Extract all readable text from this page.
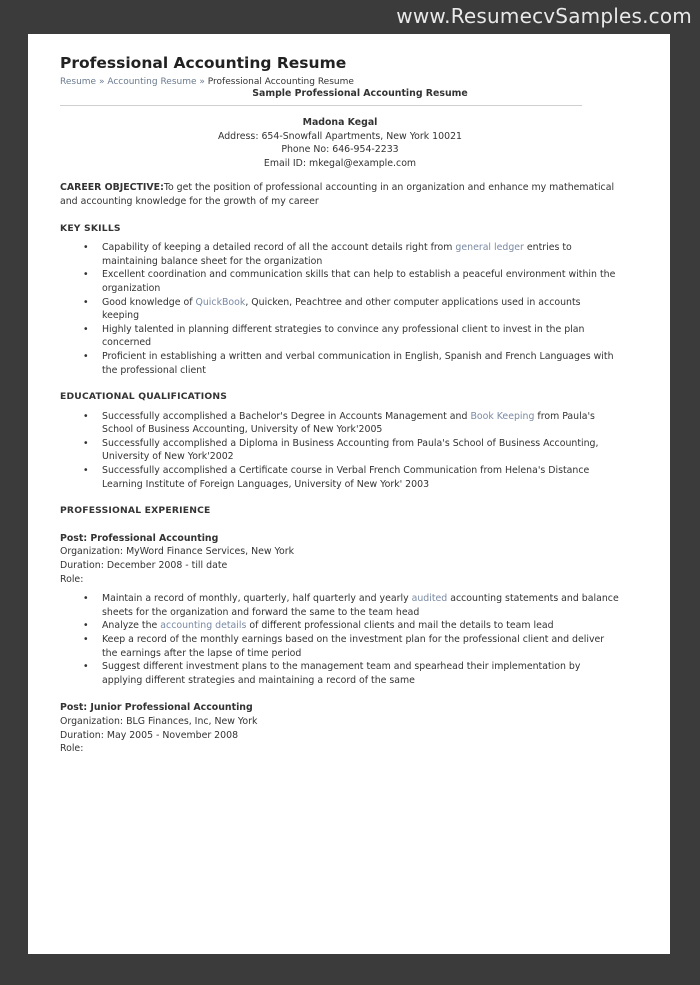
www.ResumecvSamples.com
Professional Accounting Resume
Resume » Accounting Resume » Professional Accounting Resume
Sample Professional Accounting Resume
Madona Kegal
Address: 654-Snowfall Apartments, New York 10021
Phone No: 646-954-2233
Email ID: mkegal@example.com
CAREER OBJECTIVE:To get the position of professional accounting in an organization and enhance my mathematical and accounting knowledge for the growth of my career
KEY SKILLS
• Capability of keeping a detailed record of all the account details right from general ledger entries to maintaining balance sheet for the organization
• Excellent coordination and communication skills that can help to establish a peaceful environment within the organization
• Good knowledge of QuickBook, Quicken, Peachtree and other computer applications used in accounts keeping
• Highly talented in planning different strategies to convince any professional client to invest in the plan concerned
• Proficient in establishing a written and verbal communication in English, Spanish and French Languages with the professional client
EDUCATIONAL QUALIFICATIONS
• Successfully accomplished a Bachelor's Degree in Accounts Management and Book Keeping from Paula's School of Business Accounting, University of New York'2005
• Successfully accomplished a Diploma in Business Accounting from Paula's School of Business Accounting, University of New York'2002
• Successfully accomplished a Certificate course in Verbal French Communication from Helena's Distance Learning Institute of Foreign Languages, University of New York' 2003
PROFESSIONAL EXPERIENCE
Post: Professional Accounting
Organization: MyWord Finance Services, New York
Duration: December 2008 - till date
Role:
• Maintain a record of monthly, quarterly, half quarterly and yearly audited accounting statements and balance sheets for the organization and forward the same to the team head
• Analyze the accounting details of different professional clients and mail the details to team lead
• Keep a record of the monthly earnings based on the investment plan for the professional client and deliver the earnings after the lapse of time period
• Suggest different investment plans to the management team and spearhead their implementation by applying different strategies and maintaining a record of the same
Post: Junior Professional Accounting
Organization: BLG Finances, Inc, New York
Duration: May 2005 - November 2008
Role:
